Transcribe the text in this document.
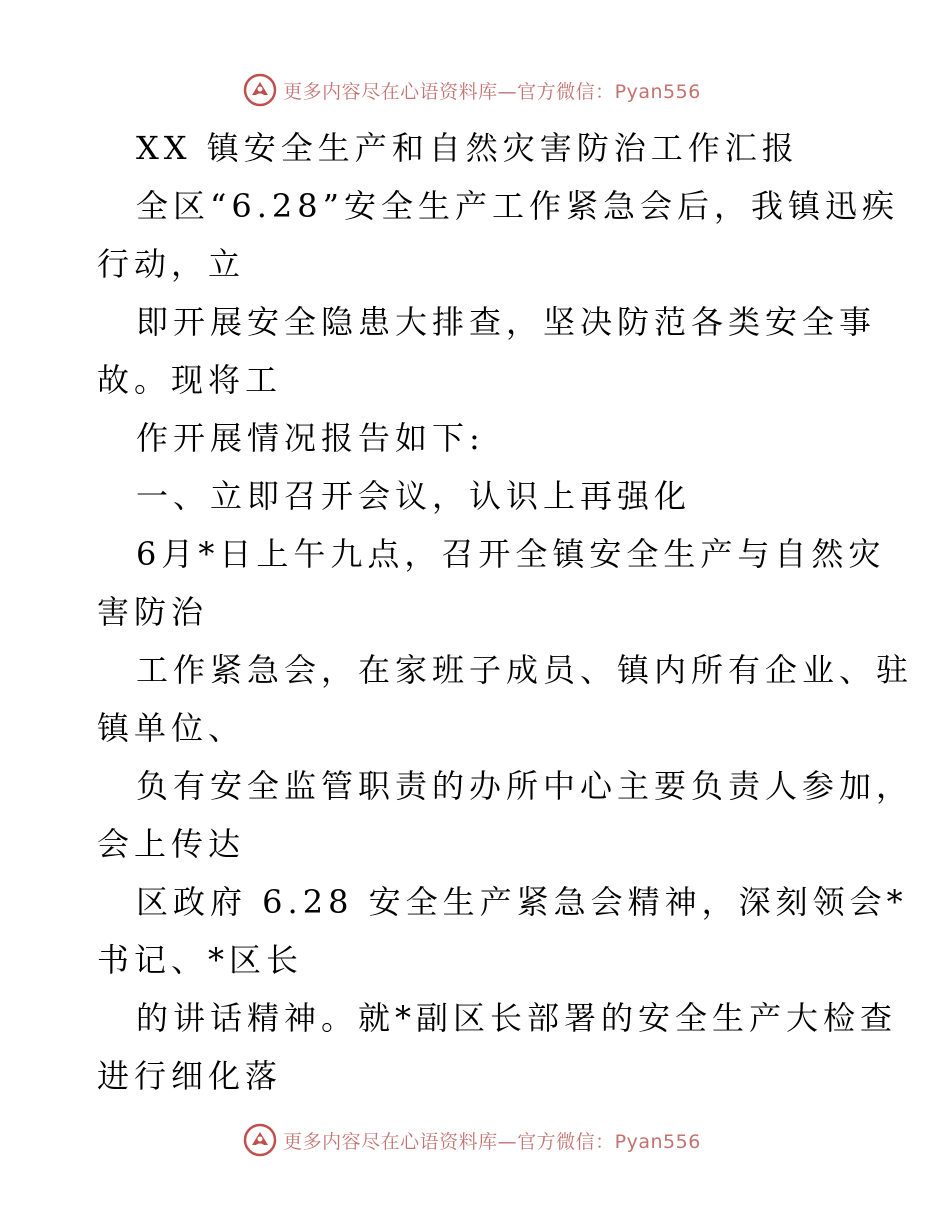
更多内容尽在心语资料库—官方微信：Pyan556
XX 镇安全生产和自然灾害防治工作汇报
全区“6.28”安全生产工作紧急会后，我镇迅疾
行动，立
即开展安全隐患大排查，坚决防范各类安全事
故。现将工
作开展情况报告如下:
一、立即召开会议，认识上再强化
6月*日上午九点，召开全镇安全生产与自然灾
害防治
工作紧急会，在家班子成员、镇内所有企业、驻
镇单位、
负有安全监管职责的办所中心主要负责人参加，
会上传达
区政府 6.28 安全生产紧急会精神，深刻领会*
书记、*区长
的讲话精神。就*副区长部署的安全生产大检查
进行细化落
更多内容尽在心语资料库—官方微信：Pyan556
